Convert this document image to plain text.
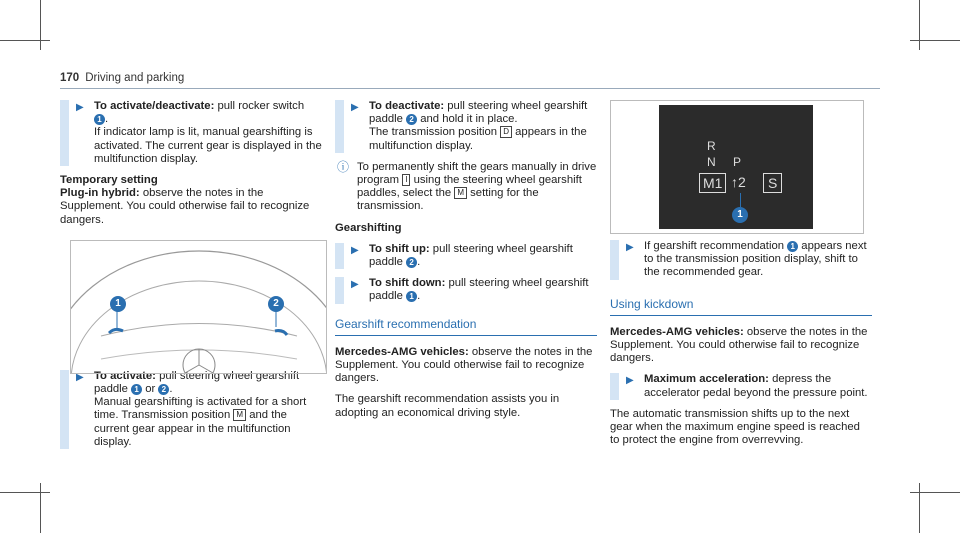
170 Driving and parking
▶ To activate/deactivate: pull rocker switch
1 .
If indicator lamp is lit, manual gearshifting is activated. The current gear is displayed in the multifunction display.
Temporary setting
Plug-in hybrid: observe the notes in the Supplement. You could otherwise fail to recognize dangers.
▶ To activate: pull steering wheel gearshift paddle 1 or 2 .
Manual gearshifting is activated for a short time. Transmission position M and the current gear appear in the multifunction display.
1	2
▶ To deactivate: pull steering wheel gearshift paddle 2 and hold it in place.
The transmission position D appears in the multifunction display.
ⓘ To permanently shift the gears manually in drive program I using the steering wheel gearshift paddles, select the M setting for the transmission.
Gearshifting
▶ To shift up: pull steering wheel gearshift paddle 2 .
▶ To shift down: pull steering wheel gearshift paddle 1 .
Gearshift recommendation
Mercedes-AMG vehicles: observe the notes in the Supplement. You could otherwise fail to recognize dangers.
The gearshift recommendation assists you in adopting an economical driving style.
R
N P
M1 ↑2	S
1
▶ If gearshift recommendation 1 appears next to the transmission position display, shift to the recommended gear.
Using kickdown
Mercedes-AMG vehicles: observe the notes in the Supplement. You could otherwise fail to recognize dangers.
▶ Maximum acceleration: depress the accelerator pedal beyond the pressure point.
The automatic transmission shifts up to the next gear when the maximum engine speed is reached to protect the engine from overrevving.
